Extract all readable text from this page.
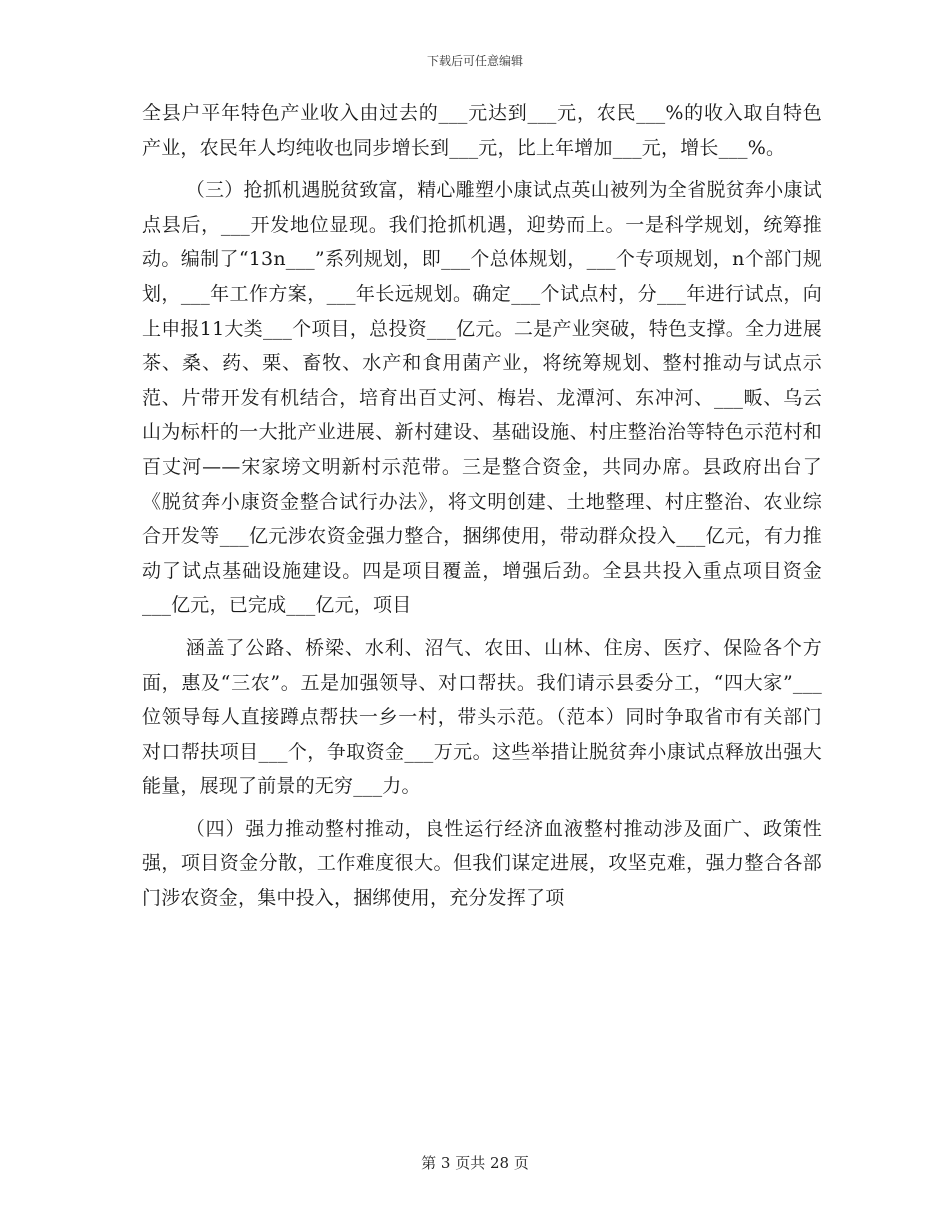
下载后可任意编辑

全县户平年特色产业收入由过去的___元达到___元，农民___%的收入取自特色产业，农民年人均纯收也同步增长到___元，比上年增加___元，增长___%。

（三）抢抓机遇脱贫致富，精心雕塑小康试点英山被列为全省脱贫奔小康试点县后，___开发地位显现。我们抢抓机遇，迎势而上。一是科学规划，统筹推动。编制了“13n___”系列规划，即___个总体规划，___个专项规划，n个部门规划，___年工作方案，___年长远规划。确定___个试点村，分___年进行试点，向上申报11大类___个项目，总投资___亿元。二是产业突破，特色支撑。全力进展茶、桑、药、栗、畜牧、水产和食用菌产业，将统筹规划、整村推动与试点示范、片带开发有机结合，培育出百丈河、梅岩、龙潭河、东冲河、___畈、乌云山为标杆的一大批产业进展、新村建设、基础设施、村庄整治治等特色示范村和百丈河——宋家塝文明新村示范带。三是整合资金，共同办席。县政府出台了《脱贫奔小康资金整合试行办法》，将文明创建、土地整理、村庄整治、农业综合开发等___亿元涉农资金强力整合，捆绑使用，带动群众投入___亿元，有力推动了试点基础设施建设。四是项目覆盖，增强后劲。全县共投入重点项目资金___亿元，已完成___亿元，项目

涵盖了公路、桥梁、水利、沼气、农田、山林、住房、医疗、保险各个方面，惠及“三农”。五是加强领导、对口帮扶。我们请示县委分工，“四大家”___位领导每人直接蹲点帮扶一乡一村，带头示范。（范本）同时争取省市有关部门对口帮扶项目___个，争取资金___万元。这些举措让脱贫奔小康试点释放出强大能量，展现了前景的无穷___力。

（四）强力推动整村推动，良性运行经济血液整村推动涉及面广、政策性强，项目资金分散，工作难度很大。但我们谋定进展，攻坚克难，强力整合各部门涉农资金，集中投入，捆绑使用，充分发挥了项

第 3 页共 28 页
